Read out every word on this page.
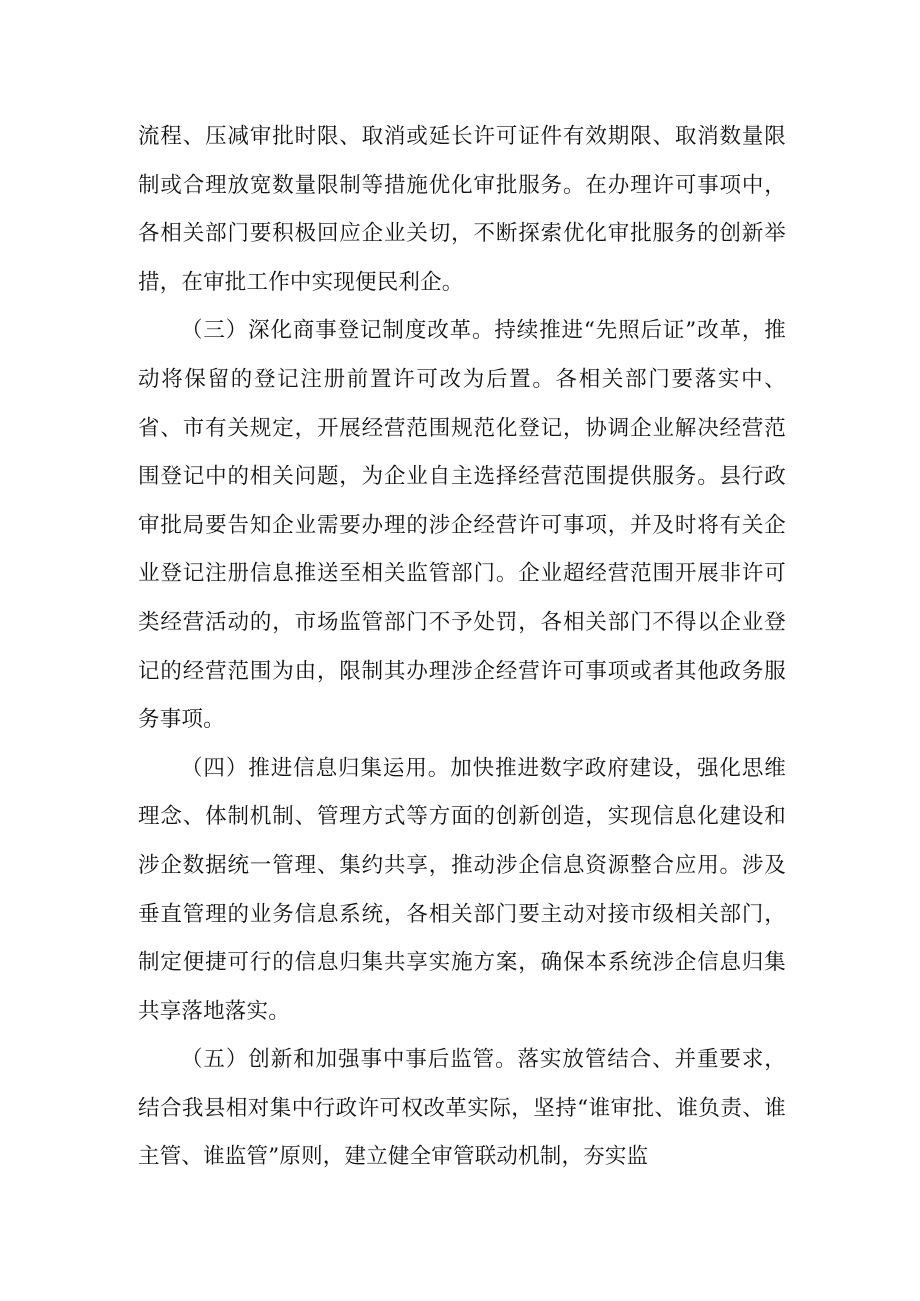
流程、压减审批时限、取消或延长许可证件有效期限、取消数量限制或合理放宽数量限制等措施优化审批服务。在办理许可事项中，各相关部门要积极回应企业关切，不断探索优化审批服务的创新举措，在审批工作中实现便民利企。

（三）深化商事登记制度改革。持续推进“先照后证”改革，推动将保留的登记注册前置许可改为后置。各相关部门要落实中、省、市有关规定，开展经营范围规范化登记，协调企业解决经营范围登记中的相关问题，为企业自主选择经营范围提供服务。县行政审批局要告知企业需要办理的涉企经营许可事项，并及时将有关企业登记注册信息推送至相关监管部门。企业超经营范围开展非许可类经营活动的，市场监管部门不予处罚，各相关部门不得以企业登记的经营范围为由，限制其办理涉企经营许可事项或者其他政务服务事项。

（四）推进信息归集运用。加快推进数字政府建设，强化思维理念、体制机制、管理方式等方面的创新创造，实现信息化建设和涉企数据统一管理、集约共享，推动涉企信息资源整合应用。涉及垂直管理的业务信息系统，各相关部门要主动对接市级相关部门，制定便捷可行的信息归集共享实施方案，确保本系统涉企信息归集共享落地落实。

（五）创新和加强事中事后监管。落实放管结合、并重要求，结合我县相对集中行政许可权改革实际，坚持“谁审批、谁负责、谁主管、谁监管”原则，建立健全审管联动机制，夯实监
